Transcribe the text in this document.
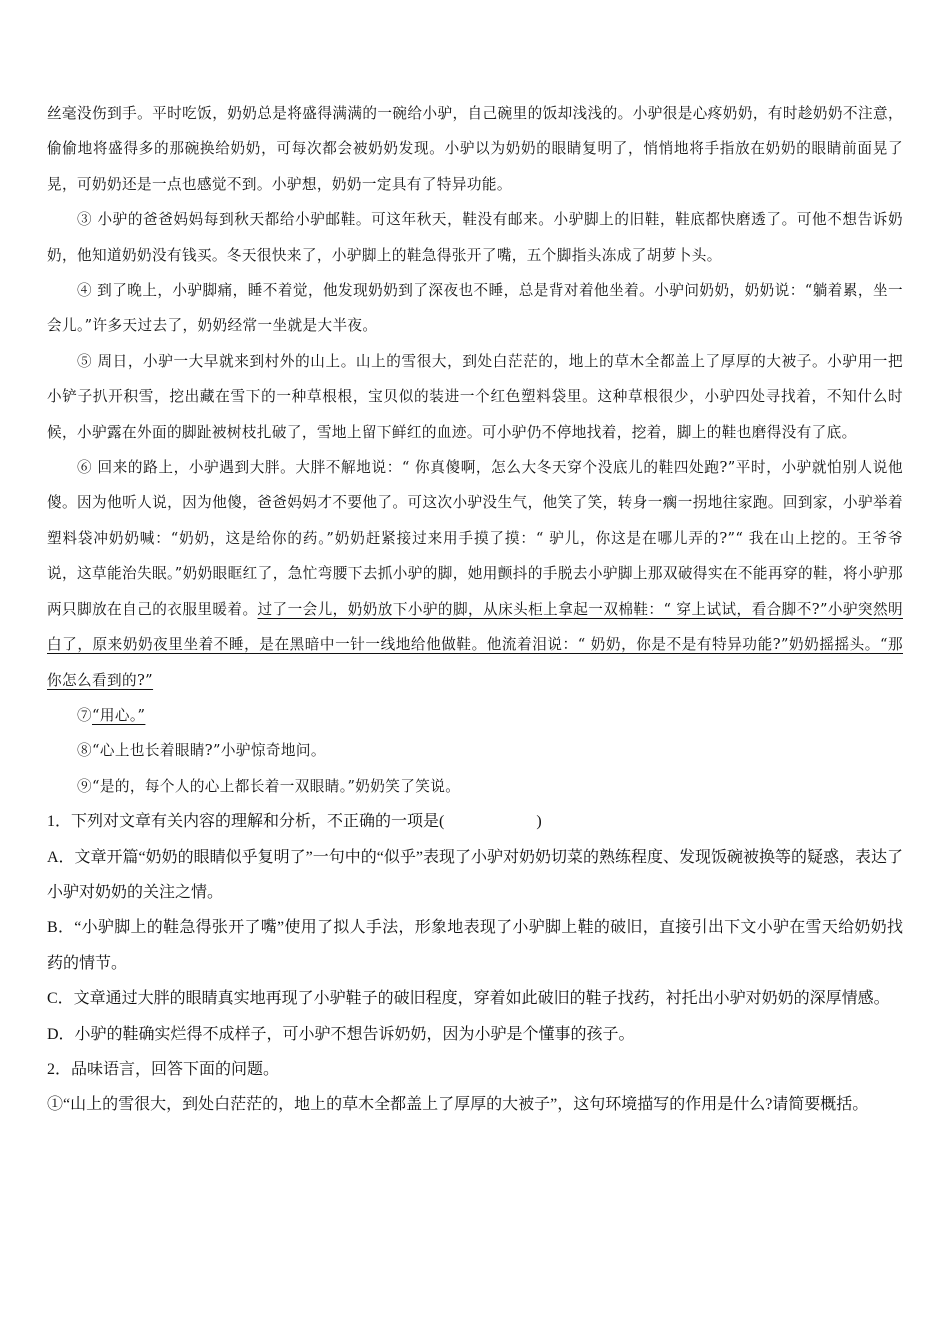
丝毫没伤到手。平时吃饭，奶奶总是将盛得满满的一碗给小驴，自己碗里的饭却浅浅的。小驴很是心疼奶奶，有时趁奶奶不注意，偷偷地将盛得多的那碗换给奶奶，可每次都会被奶奶发现。小驴以为奶奶的眼睛复明了，悄悄地将手指放在奶奶的眼睛前面晃了晃，可奶奶还是一点也感觉不到。小驴想，奶奶一定具有了特异功能。

③ 小驴的爸爸妈妈每到秋天都给小驴邮鞋。可这年秋天，鞋没有邮来。小驴脚上的旧鞋，鞋底都快磨透了。可他不想告诉奶奶，他知道奶奶没有钱买。冬天很快来了，小驴脚上的鞋急得张开了嘴，五个脚指头冻成了胡萝卜头。

④ 到了晚上，小驴脚痛，睡不着觉，他发现奶奶到了深夜也不睡，总是背对着他坐着。小驴问奶奶，奶奶说：“躺着累，坐一会儿。”许多天过去了，奶奶经常一坐就是大半夜。

⑤ 周日，小驴一大早就来到村外的山上。山上的雪很大，到处白茫茫的，地上的草木全都盖上了厚厚的大被子。小驴用一把小铲子扒开积雪，挖出藏在雪下的一种草根根，宝贝似的装进一个红色塑料袋里。这种草根很少，小驴四处寻找着，不知什么时候，小驴露在外面的脚趾被树枝扎破了，雪地上留下鲜红的血迹。可小驴仍不停地找着，挖着，脚上的鞋也磨得没有了底。

⑥ 回来的路上，小驴遇到大胖。大胖不解地说：“ 你真傻啊，怎么大冬天穿个没底儿的鞋四处跑?”平时，小驴就怕别人说他傻。因为他听人说，因为他傻，爸爸妈妈才不要他了。可这次小驴没生气，他笑了笑，转身一瘸一拐地往家跑。回到家，小驴举着塑料袋冲奶奶喊：“奶奶，这是给你的药。”奶奶赶紧接过来用手摸了摸：“ 驴儿，你这是在哪儿弄的?”“ 我在山上挖的。王爷爷说，这草能治失眠。”奶奶眼眶红了，急忙弯腰下去抓小驴的脚，她用颤抖的手脱去小驴脚上那双破得实在不能再穿的鞋，将小驴那两只脚放在自己的衣服里暖着。过了一会儿，奶奶放下小驴的脚，从床头柜上拿起一双棉鞋：“ 穿上试试，看合脚不?”小驴突然明白了，原来奶奶夜里坐着不睡，是在黑暗中一针一线地给他做鞋。他流着泪说：“ 奶奶，你是不是有特异功能?”奶奶摇摇头。“那你怎么看到的?”

⑦“用心。”

⑧“心上也长着眼睛?”小驴惊奇地问。

⑨“是的，每个人的心上都长着一双眼睛。”奶奶笑了笑说。

1．下列对文章有关内容的理解和分析，不正确的一项是(	)

A．文章开篇“奶奶的眼睛似乎复明了”一句中的“似乎”表现了小驴对奶奶切菜的熟练程度、发现饭碗被换等的疑惑，表达了小驴对奶奶的关注之情。

B．“小驴脚上的鞋急得张开了嘴”使用了拟人手法，形象地表现了小驴脚上鞋的破旧，直接引出下文小驴在雪天给奶奶找药的情节。

C．文章通过大胖的眼睛真实地再现了小驴鞋子的破旧程度，穿着如此破旧的鞋子找药，衬托出小驴对奶奶的深厚情感。

D．小驴的鞋确实烂得不成样子，可小驴不想告诉奶奶，因为小驴是个懂事的孩子。

2．品味语言，回答下面的问题。

①“山上的雪很大，到处白茫茫的，地上的草木全都盖上了厚厚的大被子”，这句环境描写的作用是什么?请简要概括。
